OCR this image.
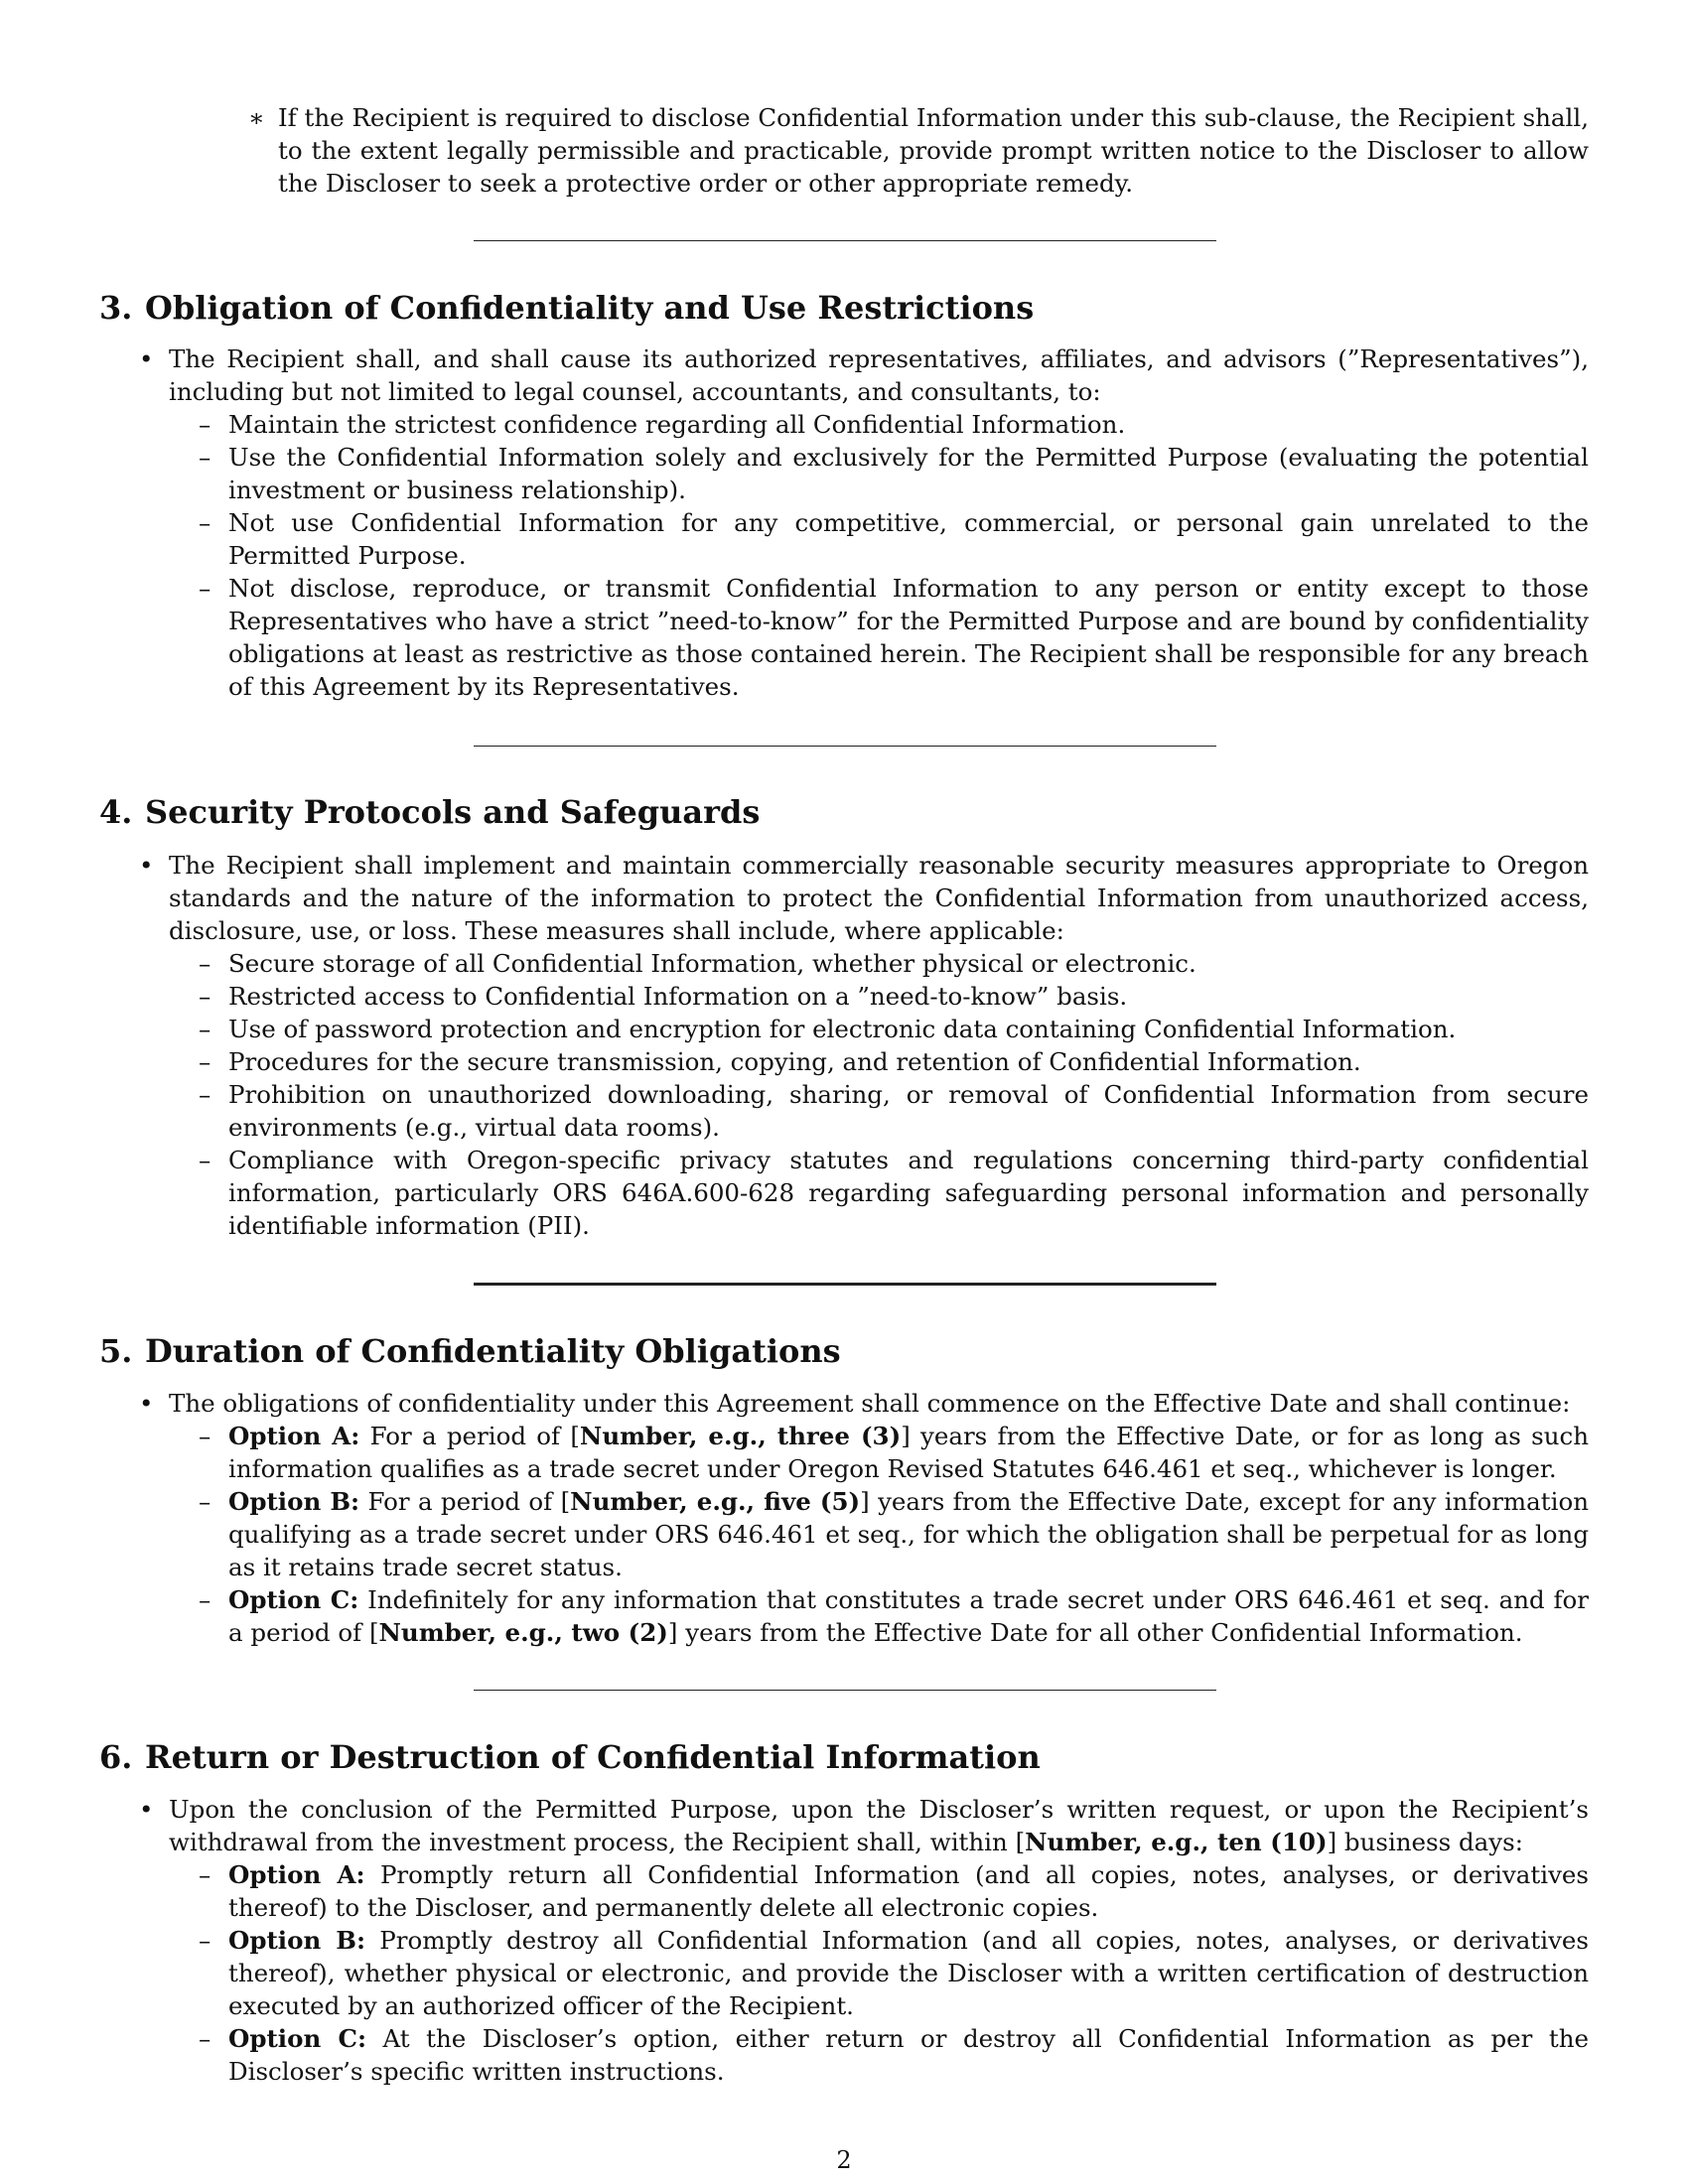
∗ If the Recipient is required to disclose Confidential Information under this sub-clause, the Recipient shall, to the extent legally permissible and practicable, provide prompt written notice to the Discloser to allow the Discloser to seek a protective order or other appropriate remedy.
3. Obligation of Confidentiality and Use Restrictions
• The Recipient shall, and shall cause its authorized representatives, affiliates, and advisors (”Representatives”), including but not limited to legal counsel, accountants, and consultants, to:
– Maintain the strictest confidence regarding all Confidential Information.
– Use the Confidential Information solely and exclusively for the Permitted Purpose (evaluating the potential investment or business relationship).
– Not use Confidential Information for any competitive, commercial, or personal gain unrelated to the Permitted Purpose.
– Not disclose, reproduce, or transmit Confidential Information to any person or entity except to those Representatives who have a strict ”need-to-know” for the Permitted Purpose and are bound by confidentiality obligations at least as restrictive as those contained herein. The Recipient shall be responsible for any breach of this Agreement by its Representatives.
4. Security Protocols and Safeguards
• The Recipient shall implement and maintain commercially reasonable security measures appropriate to Oregon standards and the nature of the information to protect the Confidential Information from unauthorized access, disclosure, use, or loss. These measures shall include, where applicable:
– Secure storage of all Confidential Information, whether physical or electronic.
– Restricted access to Confidential Information on a ”need-to-know” basis.
– Use of password protection and encryption for electronic data containing Confidential Information.
– Procedures for the secure transmission, copying, and retention of Confidential Information.
– Prohibition on unauthorized downloading, sharing, or removal of Confidential Information from secure environments (e.g., virtual data rooms).
– Compliance with Oregon-specific privacy statutes and regulations concerning third-party confidential information, particularly ORS 646A.600-628 regarding safeguarding personal information and personally identifiable information (PII).
5. Duration of Confidentiality Obligations
• The obligations of confidentiality under this Agreement shall commence on the Effective Date and shall continue:
– Option A: For a period of [Number, e.g., three (3)] years from the Effective Date, or for as long as such information qualifies as a trade secret under Oregon Revised Statutes 646.461 et seq., whichever is longer.
– Option B: For a period of [Number, e.g., five (5)] years from the Effective Date, except for any information qualifying as a trade secret under ORS 646.461 et seq., for which the obligation shall be perpetual for as long as it retains trade secret status.
– Option C: Indefinitely for any information that constitutes a trade secret under ORS 646.461 et seq. and for a period of [Number, e.g., two (2)] years from the Effective Date for all other Confidential Information.
6. Return or Destruction of Confidential Information
• Upon the conclusion of the Permitted Purpose, upon the Discloser’s written request, or upon the Recipient’s withdrawal from the investment process, the Recipient shall, within [Number, e.g., ten (10)] business days:
– Option A: Promptly return all Confidential Information (and all copies, notes, analyses, or derivatives thereof) to the Discloser, and permanently delete all electronic copies.
– Option B: Promptly destroy all Confidential Information (and all copies, notes, analyses, or derivatives thereof), whether physical or electronic, and provide the Discloser with a written certification of destruction executed by an authorized officer of the Recipient.
– Option C: At the Discloser’s option, either return or destroy all Confidential Information as per the Discloser’s specific written instructions.
2
